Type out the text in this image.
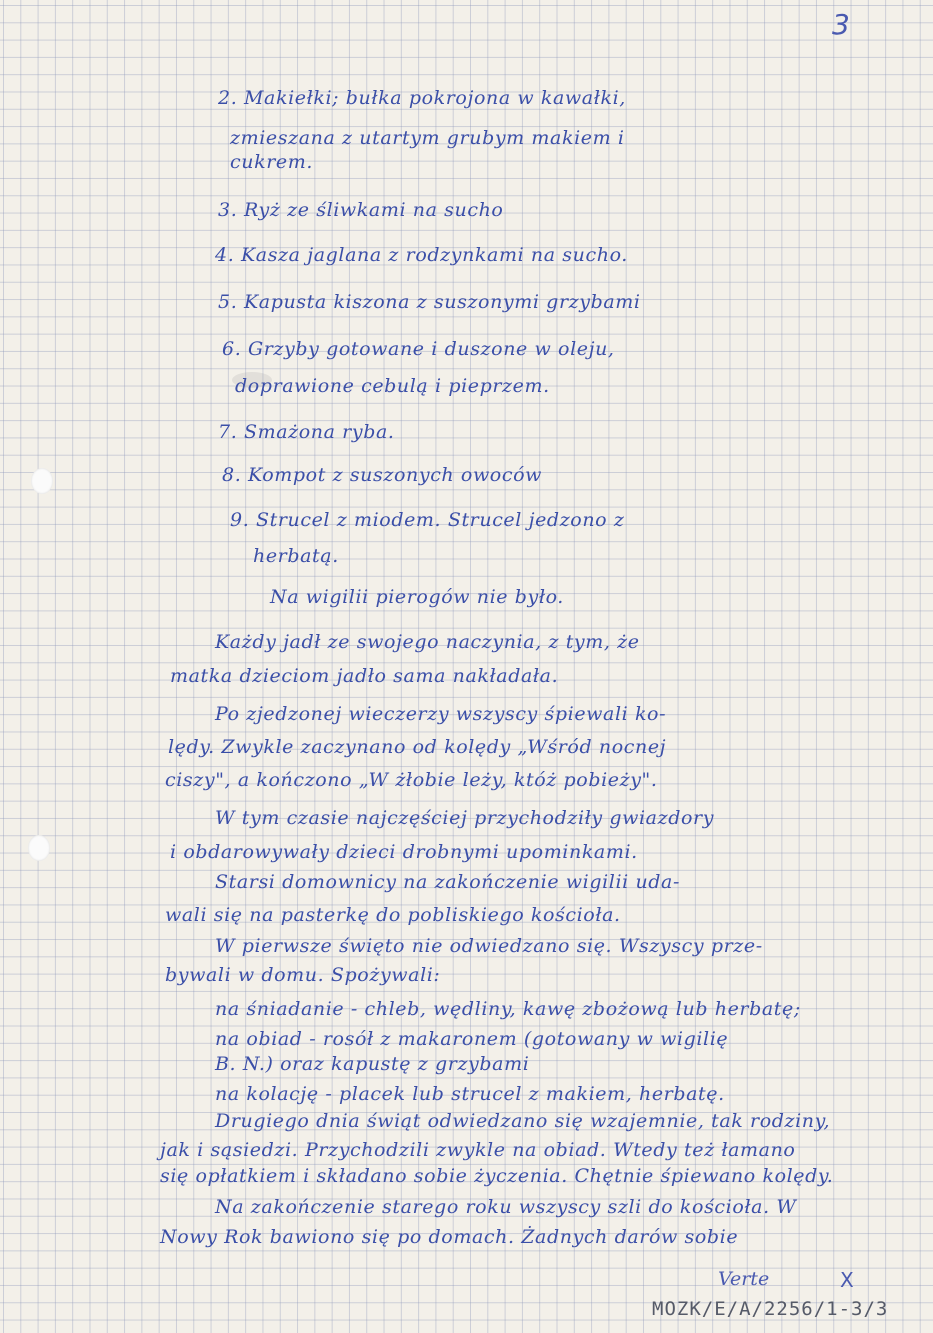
3
2. Makiełki; bułka pokrojona w kawałki,
zmieszana z utartym grubym makiem i
cukrem.
3. Ryż ze śliwkami na sucho
4. Kasza jaglana z rodzynkami na sucho.
5. Kapusta kiszona z suszonymi grzybami
6. Grzyby gotowane i duszone w oleju,
doprawione cebulą i pieprzem.
7. Smażona ryba.
8. Kompot z suszonych owoców
9. Strucel z miodem. Strucel jedzono z
herbatą.
Na wigilii pierogów nie było.
Każdy jadł ze swojego naczynia, z tym, że
matka dzieciom jadło sama nakładała.
Po zjedzonej wieczerzy wszyscy śpiewali ko-
lędy. Zwykle zaczynano od kolędy „Wśród nocnej
ciszy", a kończono „W żłobie leży, któż pobieży".
W tym czasie najczęściej przychodziły gwiazdory
i obdarowywały dzieci drobnymi upominkami.
Starsi domownicy na zakończenie wigilii uda-
wali się na pasterkę do pobliskiego kościoła.
W pierwsze święto nie odwiedzano się. Wszyscy prze-
bywali w domu. Spożywali:
na śniadanie - chleb, wędliny, kawę zbożową lub herbatę;
na obiad - rosół z makaronem (gotowany w wigilię
B. N.) oraz kapustę z grzybami
na kolację - placek lub strucel z makiem, herbatę.
Drugiego dnia świąt odwiedzano się wzajemnie, tak rodziny,
jak i sąsiedzi. Przychodzili zwykle na obiad. Wtedy też łamano
się opłatkiem i składano sobie życzenia. Chętnie śpiewano kolędy.
Na zakończenie starego roku wszyscy szli do kościoła. W
Nowy Rok bawiono się po domach. Żadnych darów sobie
Verte	X
MOZK/E/A/2256/1-3/3
